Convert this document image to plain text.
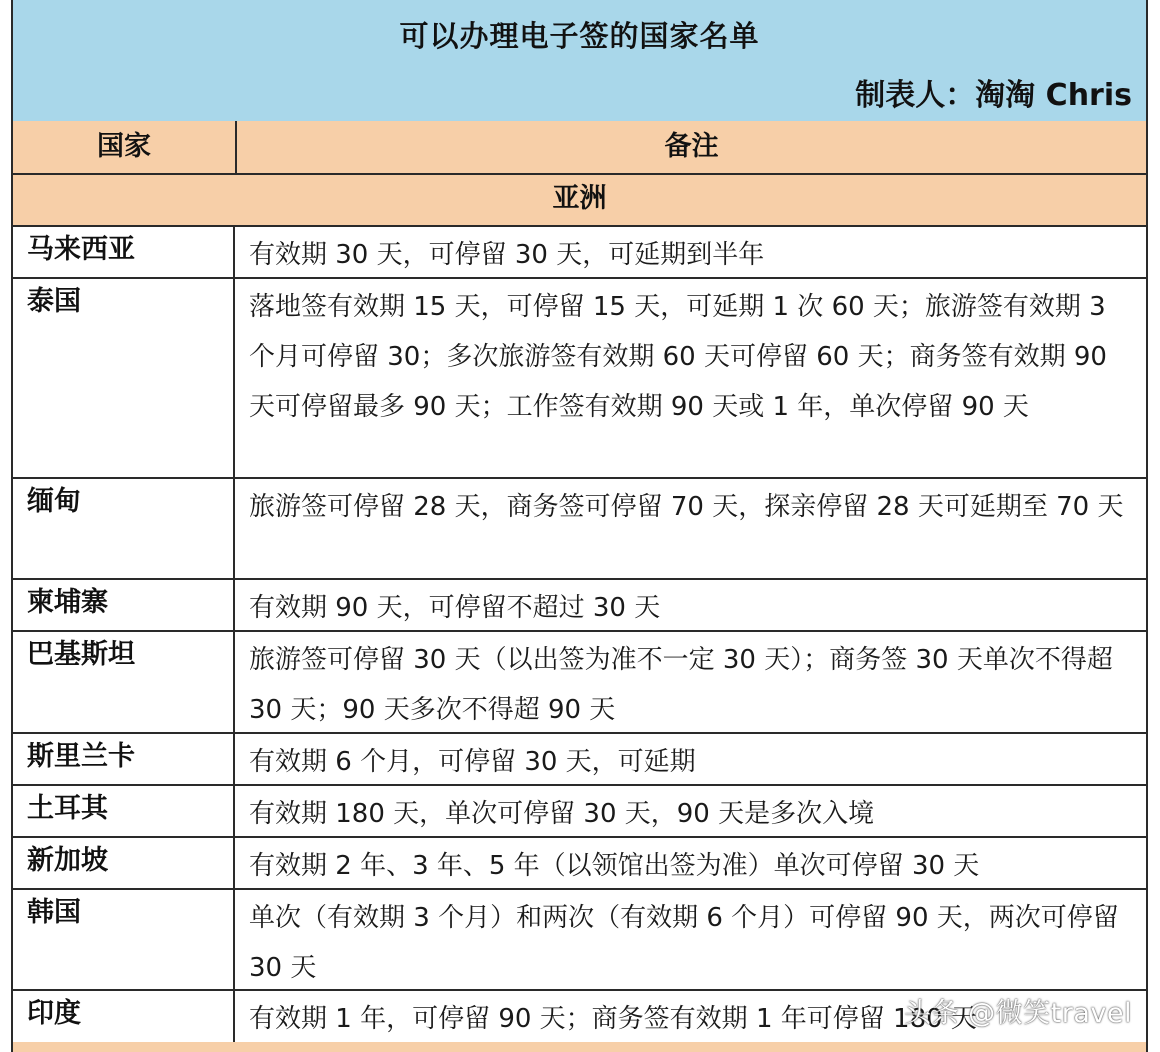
可以办理电子签的国家名单
制表人：淘淘 Chris
国家	备注
亚洲
马来西亚	有效期 30 天，可停留 30 天，可延期到半年
泰国	落地签有效期 15 天，可停留 15 天，可延期 1 次 60 天；旅游签有效期 3 个月可停留 30；多次旅游签有效期 60 天可停留 60 天；商务签有效期 90 天可停留最多 90 天；工作签有效期 90 天或 1 年，单次停留 90 天
缅甸	旅游签可停留 28 天，商务签可停留 70 天，探亲停留 28 天可延期至 70 天
柬埔寨	有效期 90 天，可停留不超过 30 天
巴基斯坦	旅游签可停留 30 天（以出签为准不一定 30 天）；商务签 30 天单次不得超 30 天；90 天多次不得超 90 天
斯里兰卡	有效期 6 个月，可停留 30 天，可延期
土耳其	有效期 180 天，单次可停留 30 天，90 天是多次入境
新加坡	有效期 2 年、3 年、5 年（以领馆出签为准）单次可停留 30 天
韩国	单次（有效期 3 个月）和两次（有效期 6 个月）可停留 90 天，两次可停留 30 天
印度	有效期 1 年，可停留 90 天；商务签有效期 1 年可停留 180 天
头条 @微笑travel
